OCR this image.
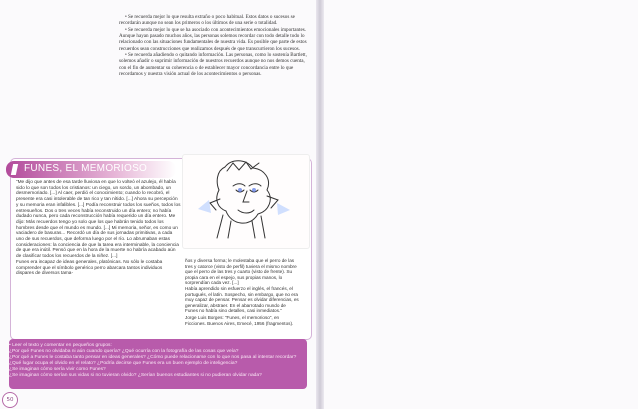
• Se recuerda mejor lo que resulta extraño o poco habitual. Estos datos o sucesos se recordarán aunque no sean los primeros o los últimos de una serie o totalidad.

• Se recuerda mejor lo que se ha asociado con acontecimientos emocionales importantes. Aunque hayan pasado muchos años, las personas solemos recordar con todo detalle todo lo relacionado con las situaciones fundamentales de nuestra vida. Es posible que parte de estos recuerdos sean construcciones que realizamos después de que transcurrieron los sucesos.

• Se recuerda añadiendo o quitando información. Las personas, como lo sostenía Bartlett, solemos añadir o suprimir información de nuestros recuerdos aunque no nos demos cuenta, con el fin de aumentar su coherencia o de establecer mayor concordancia entre lo que recordamos y nuestra visión actual de los acontecimientos o personas.

FUNES, EL MEMORIOSO

“Me dijo que antes de esa tarde lluviosa en que lo volteó el azulejo, él había sido lo que son todos los cristianos: un ciego, un sordo, un abombado, un desmemoriado. [...] Al caer, perdió el conocimiento; cuando lo recobró, el presente era casi intolerable de tan rico y tan nítido. [...] Ahora su percepción y su memoria eran infalibles. [...] Podía reconstruir todos los sueños, todos los entresueños. Dos o tres veces había reconstruido un día entero; no había dudado nunca, pero cada reconstrucción había requerido un día entero. Me dijo: Más recuerdos tengo yo solo que los que habrán tenido todos los hombres desde que el mundo es mundo. [...] Mi memoria, señor, es como un vaciadero de basuras... Recordó un día de sus jornadas primitivas, a cada uno de sus recuerdos, que deforma luego por el río. Lo abrumaban estas consideraciones: la conciencia de que la tarea era interminable, la conciencia de que era inútil. Pensó que en la hora de la muerte no habría acabado aún de clasificar todos los recuerdos de la niñez. [...]

Funes era incapaz de ideas generales, platónicas. No sólo le costaba comprender que el símbolo genérico perro abarcara tantos individuos dispares de diversos tama-

ños y diversa forma; le molestaba que el perro de las tres y catorce (visto de perfil) tuviera el mismo nombre que el perro de las tres y cuarto (visto de frente). Su propia cara en el espejo, sus propias manos, lo sorprendían cada vez. [...]

Había aprendido sin esfuerzo el inglés, el francés, el portugués, el latín. Sospecho, sin embargo, que no era muy capaz de pensar. Pensar es olvidar diferencias, es generalizar, abstraer. En el abarrotado mundo de Funes no había sino detalles, casi inmediatos.”

Jorge Luis Borges: “Funes, el memorioso”, en Ficciones. Buenos Aires, Emecé, 1956 (fragmentos).

• Leer el texto y comentar en pequeños grupos:

¿Por qué Funes no olvidaba ni aún cuando quería? ¿Qué ocurría con la fotografía de las cosas que veía?

¿Por qué a Funes le costaba tanto pensar en ideas generales? ¿Cómo puede relacionarse con lo que nos pasa al intentar recordar?

¿Qué lugar ocupa el olvido en el relato? ¿Podría decirse que Funes era un buen ejemplo de inteligencia?

¿Se imaginan cómo sería vivir como Funes?

¿Se imaginan cómo serían sus vidas si no tuvieran olvido? ¿Serían buenos estudiantes si no pudieran olvidar nada?

50
